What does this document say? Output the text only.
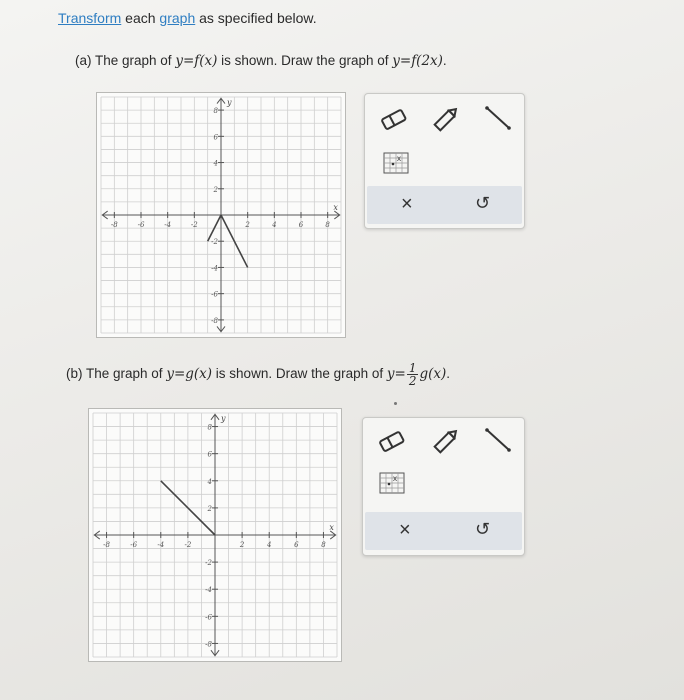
Transform each graph as specified below.
(a) The graph of y=f(x) is shown. Draw the graph of y=f(2x).
-8	-6	-4	-2	2	4	6	8
8
6
4
2
-2
-4
-6
-8
x
y
x
×	↺
(b) The graph of y=g(x) is shown. Draw the graph of $y= \frac{1}{2} g(x)$.
-8	-6	-4	-2	2	4	6	8
8
6
4
2
-2
-4
-6
-8
x
y
x
×	↺
